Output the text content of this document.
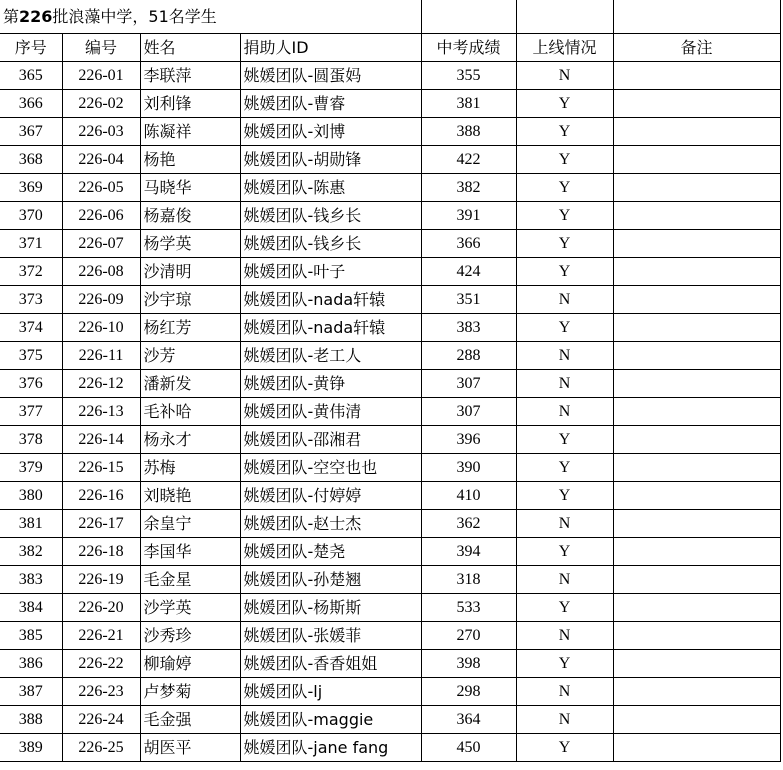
第226批浪藻中学，51名学生						
序号	编号	姓名	捐助人ID	中考成绩	上线情况	备注
365	226-01	李联萍	姚媛团队-圆蛋妈	355	N	
366	226-02	刘利锋	姚媛团队-曹睿	381	Y	
367	226-03	陈凝祥	姚媛团队-刘博	388	Y	
368	226-04	杨艳	姚媛团队-胡勋锋	422	Y	
369	226-05	马晓华	姚媛团队-陈惠	382	Y	
370	226-06	杨嘉俊	姚媛团队-钱乡长	391	Y	
371	226-07	杨学英	姚媛团队-钱乡长	366	Y	
372	226-08	沙清明	姚媛团队-叶子	424	Y	
373	226-09	沙宇琼	姚媛团队-nada轩辕	351	N	
374	226-10	杨红芳	姚媛团队-nada轩辕	383	Y	
375	226-11	沙芳	姚媛团队-老工人	288	N	
376	226-12	潘新发	姚媛团队-黄铮	307	N	
377	226-13	毛补哈	姚媛团队-黄伟清	307	N	
378	226-14	杨永才	姚媛团队-邵湘君	396	Y	
379	226-15	苏梅	姚媛团队-空空也也	390	Y	
380	226-16	刘晓艳	姚媛团队-付婷婷	410	Y	
381	226-17	余皇宁	姚媛团队-赵士杰	362	N	
382	226-18	李国华	姚媛团队-楚尧	394	Y	
383	226-19	毛金星	姚媛团队-孙楚翘	318	N	
384	226-20	沙学英	姚媛团队-杨斯斯	533	Y	
385	226-21	沙秀珍	姚媛团队-张媛菲	270	N	
386	226-22	柳瑜婷	姚媛团队-香香姐姐	398	Y	
387	226-23	卢梦菊	姚媛团队-lj	298	N	
388	226-24	毛金强	姚媛团队-maggie	364	N	
389	226-25	胡医平	姚媛团队-jane fang	450	Y	
